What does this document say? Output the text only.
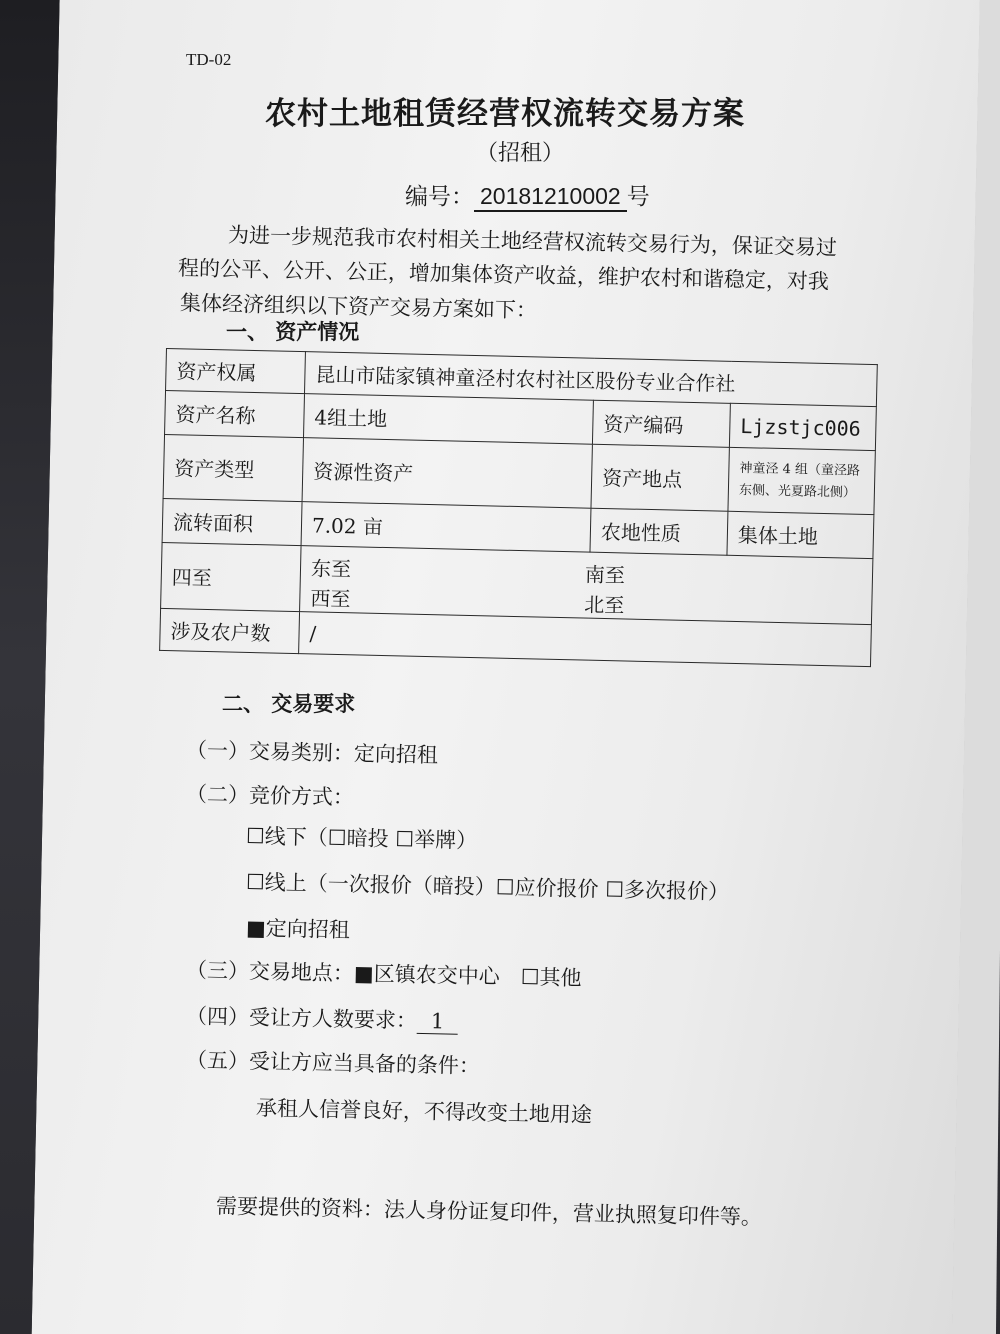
TD-02
农村土地租赁经营权流转交易方案
（招租）
编号： 20181210002 号
为进一步规范我市农村相关土地经营权流转交易行为，保证交易过
程的公平、公开、公正，增加集体资产收益，维护农村和谐稳定，对我
集体经济组织以下资产交易方案如下：
一、 资产情况
资产权属	昆山市陆家镇神童泾村农村社区股份专业合作社		
资产名称	4组土地	资产编码	Ljzstjc006
资产类型	资源性资产	资产地点	神童泾 4 组（童泾路
东侧、光夏路北侧）

流转面积	7.02 亩	农地性质	集体土地
四至	东至 南至
西至 北至		

涉及农户数	/		
二、 交易要求
（一）交易类别：定向招租
（二）竞价方式：
☐线下（☐暗投 ☐举牌）
☐线上（一次报价（暗投）☐应价报价 ☐多次报价）
■定向招租
（三）交易地点：■区镇农交中心　☐其他
（四）受让方人数要求： 1
（五）受让方应当具备的条件：
承租人信誉良好，不得改变土地用途
需要提供的资料：法人身份证复印件，营业执照复印件等。
